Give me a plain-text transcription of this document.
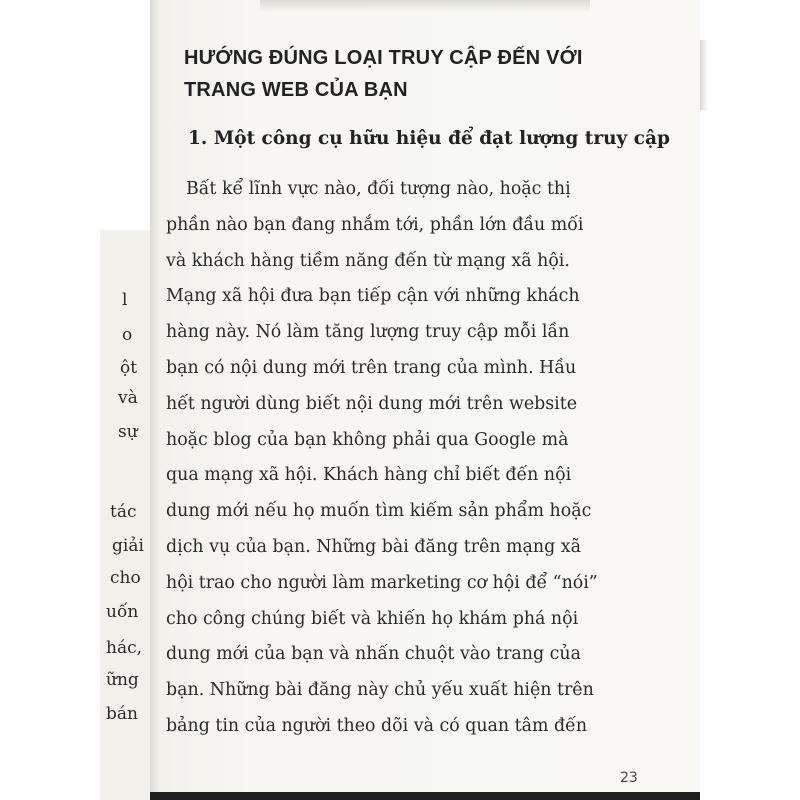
l
o
ột
và
sự
tác
giải
cho
uốn
hác,
ững
bán
HƯỚNG ĐÚNG LOẠI TRUY CẬP ĐẾN VỚI
TRANG WEB CỦA BẠN
1. Một công cụ hữu hiệu để đạt lượng truy cập
Bất kể lĩnh vực nào, đối tượng nào, hoặc thị
phần nào bạn đang nhắm tới, phần lớn đầu mối
và khách hàng tiềm năng đến từ mạng xã hội.
Mạng xã hội đưa bạn tiếp cận với những khách
hàng này. Nó làm tăng lượng truy cập mỗi lần
bạn có nội dung mới trên trang của mình. Hầu
hết người dùng biết nội dung mới trên website
hoặc blog của bạn không phải qua Google mà
qua mạng xã hội. Khách hàng chỉ biết đến nội
dung mới nếu họ muốn tìm kiếm sản phẩm hoặc
dịch vụ của bạn. Những bài đăng trên mạng xã
hội trao cho người làm marketing cơ hội để “nói”
cho công chúng biết và khiến họ khám phá nội
dung mới của bạn và nhấn chuột vào trang của
bạn. Những bài đăng này chủ yếu xuất hiện trên
bảng tin của người theo dõi và có quan tâm đến
23
